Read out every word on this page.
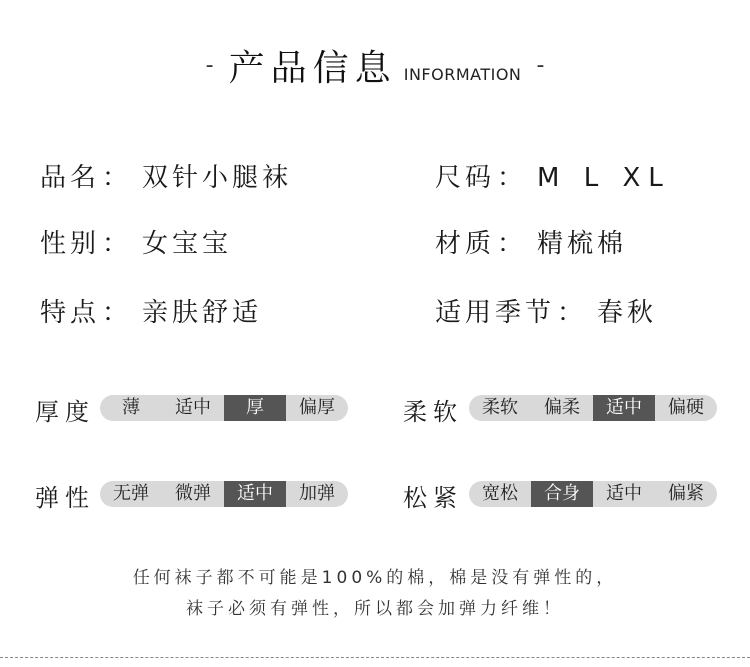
- 产品信息 INFORMATION -
品名： 双针小腿袜
性别： 女宝宝
特点： 亲肤舒适
尺码： M L XL
材质： 精梳棉
适用季节： 春秋
厚度	薄	适中	厚	偏厚	柔软	柔软	偏柔	适中	偏硬
弹性	无弹	微弹	适中	加弹	松紧	宽松	合身	适中	偏紧
任何袜子都不可能是100%的棉，棉是没有弹性的，
袜子必须有弹性，所以都会加弹力纤维！
